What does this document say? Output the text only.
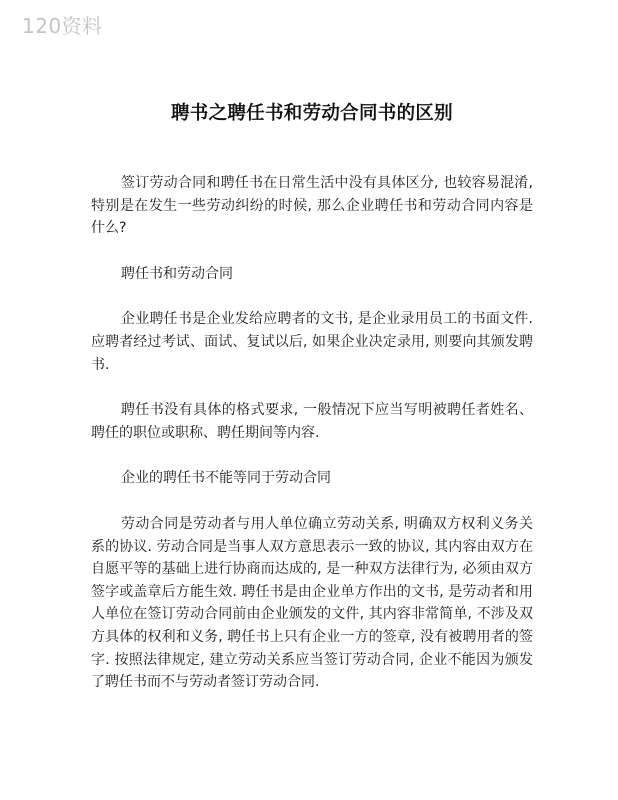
120资料
聘书之聘任书和劳动合同书的区别

签订劳动合同和聘任书在日常生活中没有具体区分, 也较容易混淆, 特别是在发生一些劳动纠纷的时候, 那么企业聘任书和劳动合同内容是什么?

聘任书和劳动合同

企业聘任书是企业发给应聘者的文书, 是企业录用员工的书面文件. 应聘者经过考试、面试、复试以后, 如果企业决定录用, 则要向其颁发聘书.

聘任书没有具体的格式要求, 一般情况下应当写明被聘任者姓名、聘任的职位或职称、聘任期间等内容.

企业的聘任书不能等同于劳动合同

劳动合同是劳动者与用人单位确立劳动关系, 明确双方权利义务关系的协议. 劳动合同是当事人双方意思表示一致的协议, 其内容由双方在自愿平等的基础上进行协商而达成的, 是一种双方法律行为, 必须由双方签字或盖章后方能生效. 聘任书是由企业单方作出的文书, 是劳动者和用人单位在签订劳动合同前由企业颁发的文件, 其内容非常简单, 不涉及双方具体的权利和义务, 聘任书上只有企业一方的签章, 没有被聘用者的签字. 按照法律规定, 建立劳动关系应当签订劳动合同, 企业不能因为颁发了聘任书而不与劳动者签订劳动合同.
